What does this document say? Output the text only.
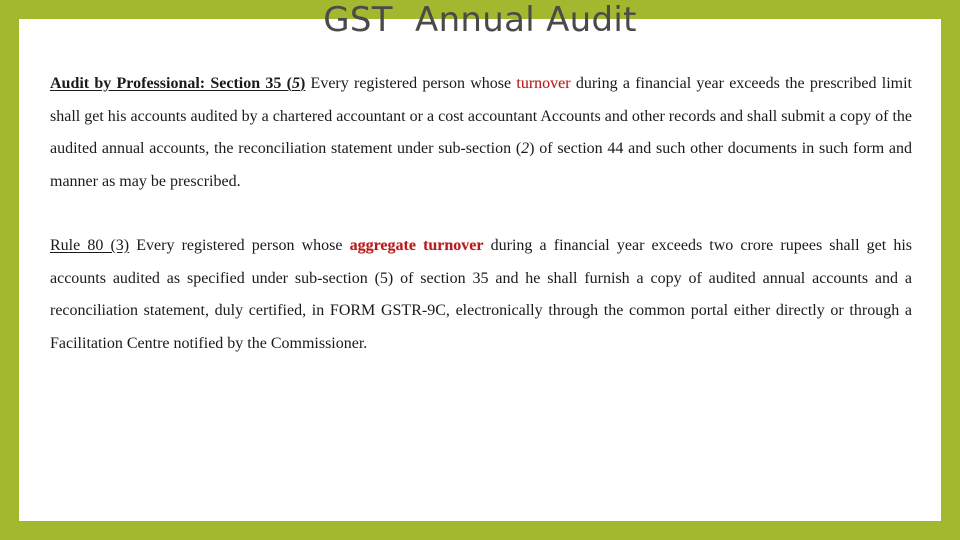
GST  Annual Audit

Audit by Professional: Section 35 (5) Every registered person whose turnover during a financial year exceeds the prescribed limit shall get his accounts audited by a chartered accountant or a cost accountant Accounts and other records and shall submit a copy of the audited annual accounts, the reconciliation statement under sub-section (2) of section 44 and such other documents in such form and manner as may be prescribed.

Rule 80 (3) Every registered person whose aggregate turnover during a financial year exceeds two crore rupees shall get his accounts audited as specified under sub-section (5) of section 35 and he shall furnish a copy of audited annual accounts and a reconciliation statement, duly certified, in FORM GSTR-9C, electronically through the common portal either directly or through a Facilitation Centre notified by the Commissioner.
